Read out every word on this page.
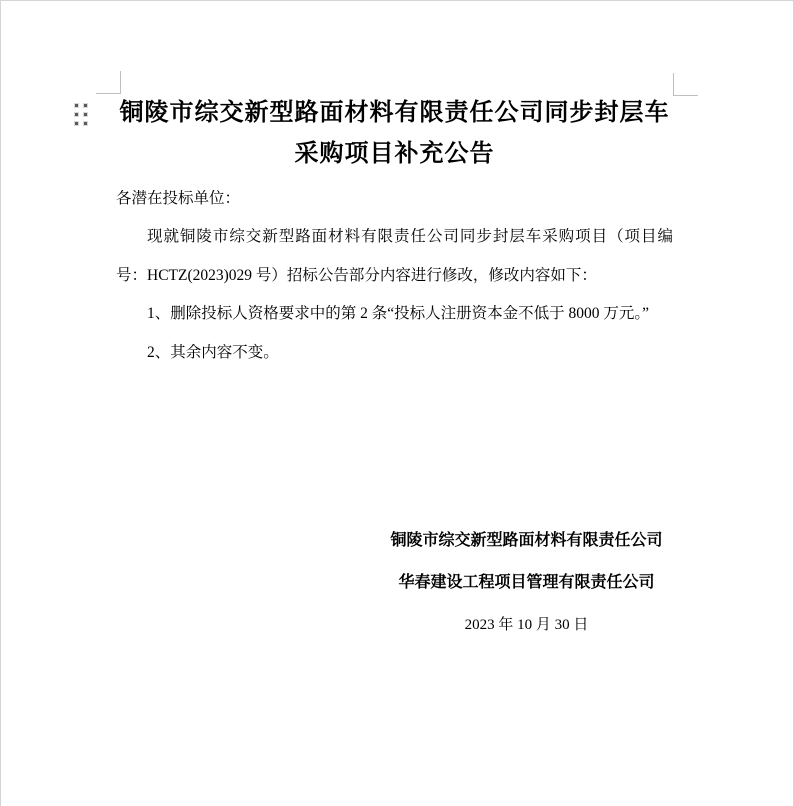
铜陵市综交新型路面材料有限责任公司同步封层车
采购项目补充公告

各潜在投标单位：

现就铜陵市综交新型路面材料有限责任公司同步封层车采购项目（项目编号：HCTZ(2023)029 号）招标公告部分内容进行修改，修改内容如下：

1、删除投标人资格要求中的第 2 条“投标人注册资本金不低于 8000 万元。”

2、其余内容不变。

铜陵市综交新型路面材料有限责任公司
华春建设工程项目管理有限责任公司
2023 年 10 月 30 日
